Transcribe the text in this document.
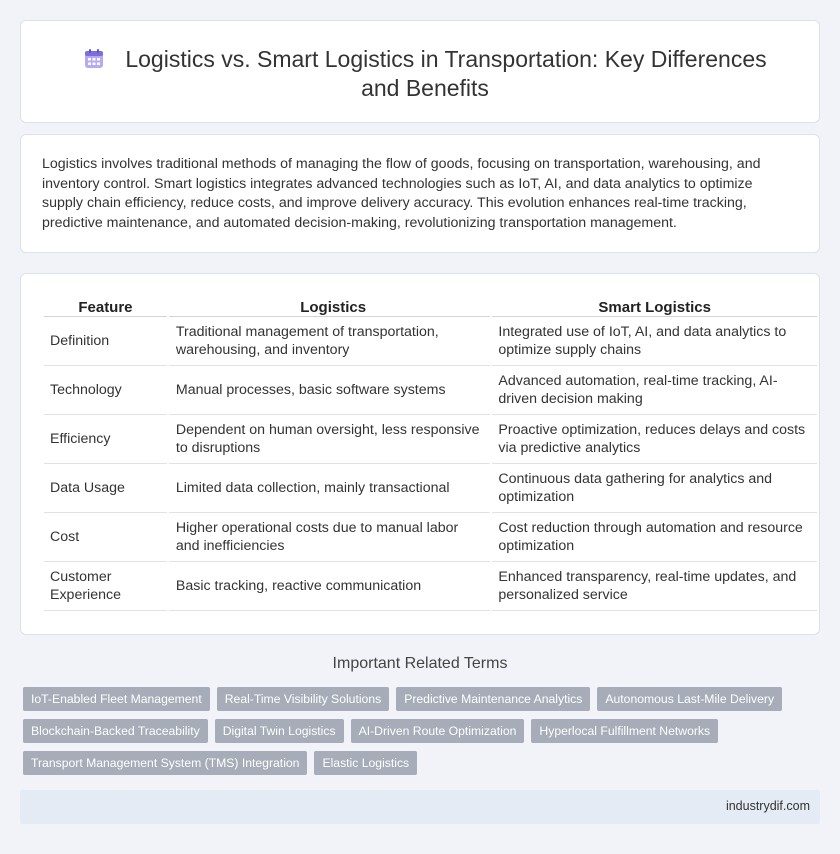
Logistics vs. Smart Logistics in Transportation: Key Differences and Benefits

Logistics involves traditional methods of managing the flow of goods, focusing on transportation, warehousing, and inventory control. Smart logistics integrates advanced technologies such as IoT, AI, and data analytics to optimize supply chain efficiency, reduce costs, and improve delivery accuracy. This evolution enhances real-time tracking, predictive maintenance, and automated decision-making, revolutionizing transportation management.

Feature	Logistics	Smart Logistics
Definition	Traditional management of transportation, warehousing, and inventory	Integrated use of IoT, AI, and data analytics to optimize supply chains
Technology	Manual processes, basic software systems	Advanced automation, real-time tracking, AI-driven decision making
Efficiency	Dependent on human oversight, less responsive to disruptions	Proactive optimization, reduces delays and costs via predictive analytics
Data Usage	Limited data collection, mainly transactional	Continuous data gathering for analytics and optimization
Cost	Higher operational costs due to manual labor and inefficiencies	Cost reduction through automation and resource optimization
Customer Experience	Basic tracking, reactive communication	Enhanced transparency, real-time updates, and personalized service
Important Related Terms
IoT-Enabled Fleet Management	Real-Time Visibility Solutions	Predictive Maintenance Analytics	Autonomous Last-Mile Delivery
Blockchain-Backed Traceability	Digital Twin Logistics	AI-Driven Route Optimization	Hyperlocal Fulfillment Networks
Transport Management System (TMS) Integration	Elastic Logistics
industrydif.com
